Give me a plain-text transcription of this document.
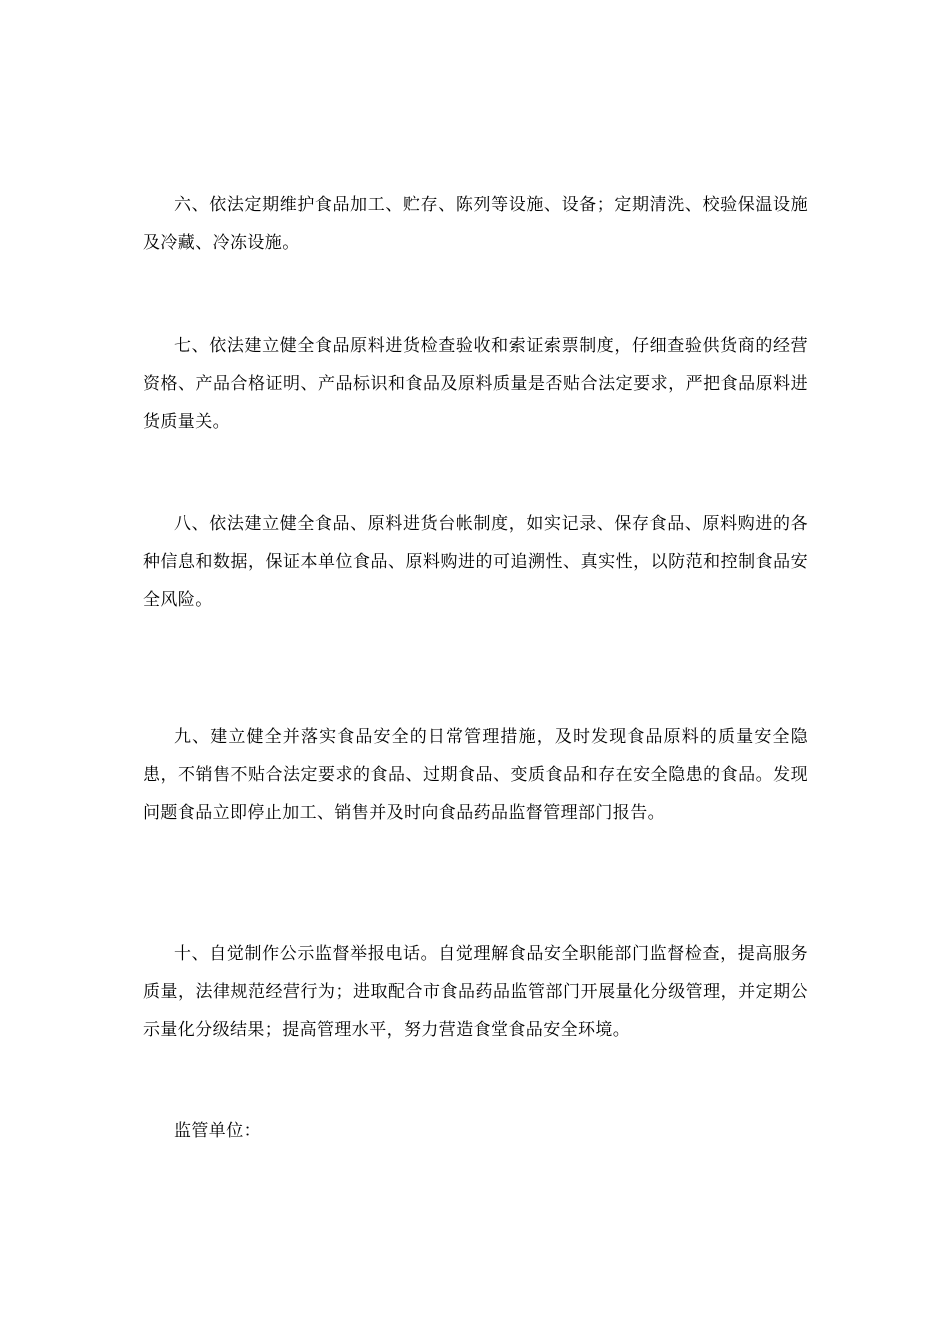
六、依法定期维护食品加工、贮存、陈列等设施、设备；定期清洗、校验保温设施及冷藏、冷冻设施。

七、依法建立健全食品原料进货检查验收和索证索票制度，仔细查验供货商的经营资格、产品合格证明、产品标识和食品及原料质量是否贴合法定要求，严把食品原料进货质量关。

八、依法建立健全食品、原料进货台帐制度，如实记录、保存食品、原料购进的各种信息和数据，保证本单位食品、原料购进的可追溯性、真实性，以防范和控制食品安全风险。

九、建立健全并落实食品安全的日常管理措施，及时发现食品原料的质量安全隐患，不销售不贴合法定要求的食品、过期食品、变质食品和存在安全隐患的食品。发现问题食品立即停止加工、销售并及时向食品药品监督管理部门报告。

十、自觉制作公示监督举报电话。自觉理解食品安全职能部门监督检查，提高服务质量，法律规范经营行为；进取配合市食品药品监管部门开展量化分级管理，并定期公示量化分级结果；提高管理水平，努力营造食堂食品安全环境。

监管单位：
